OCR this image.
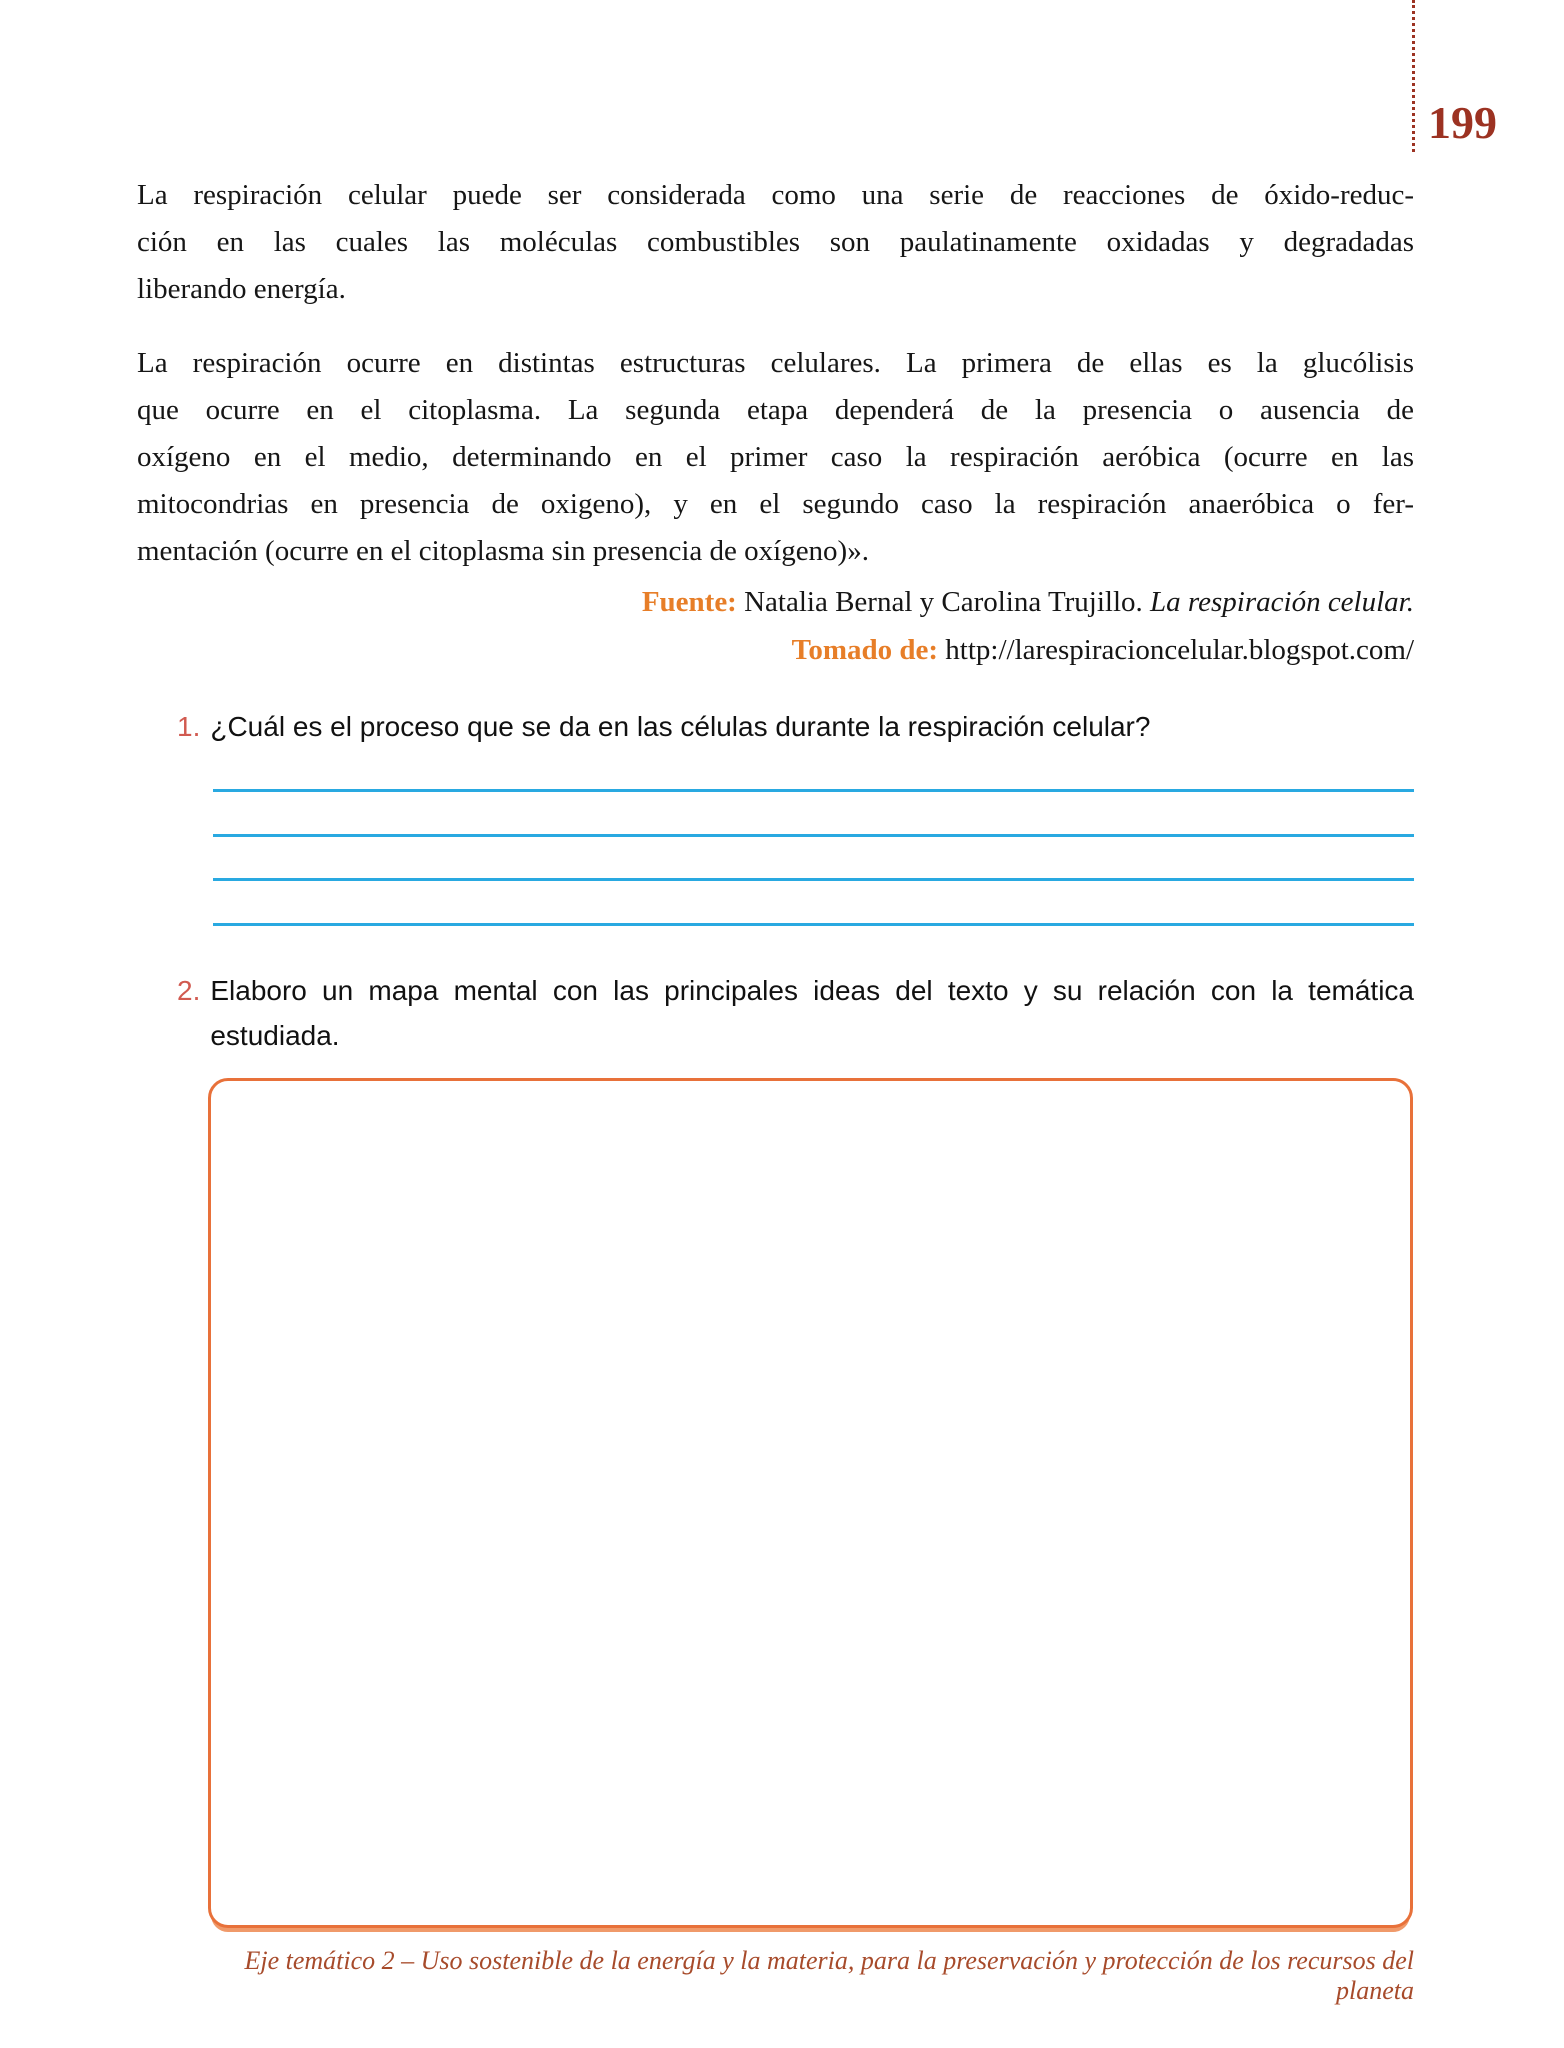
199
La respiración celular puede ser considerada como una serie de reacciones de óxido-reduc-
ción en las cuales las moléculas combustibles son paulatinamente oxidadas y degradadas
liberando energía.
La respiración ocurre en distintas estructuras celulares. La primera de ellas es la glucólisis
que ocurre en el citoplasma. La segunda etapa dependerá de la presencia o ausencia de
oxígeno en el medio, determinando en el primer caso la respiración aeróbica (ocurre en las
mitocondrias en presencia de oxigeno), y en el segundo caso la respiración anaeróbica o fer-
mentación (ocurre en el citoplasma sin presencia de oxígeno)».
Fuente: Natalia Bernal y Carolina Trujillo. La respiración celular.
Tomado de: http://larespiracioncelular.blogspot.com/
1. ¿Cuál es el proceso que se da en las células durante la respiración celular?
2. Elaboro un mapa mental con las principales ideas del texto y su relación con la temática
estudiada.
Eje temático 2 – Uso sostenible de la energía y la materia, para la preservación y protección de los recursos del planeta
